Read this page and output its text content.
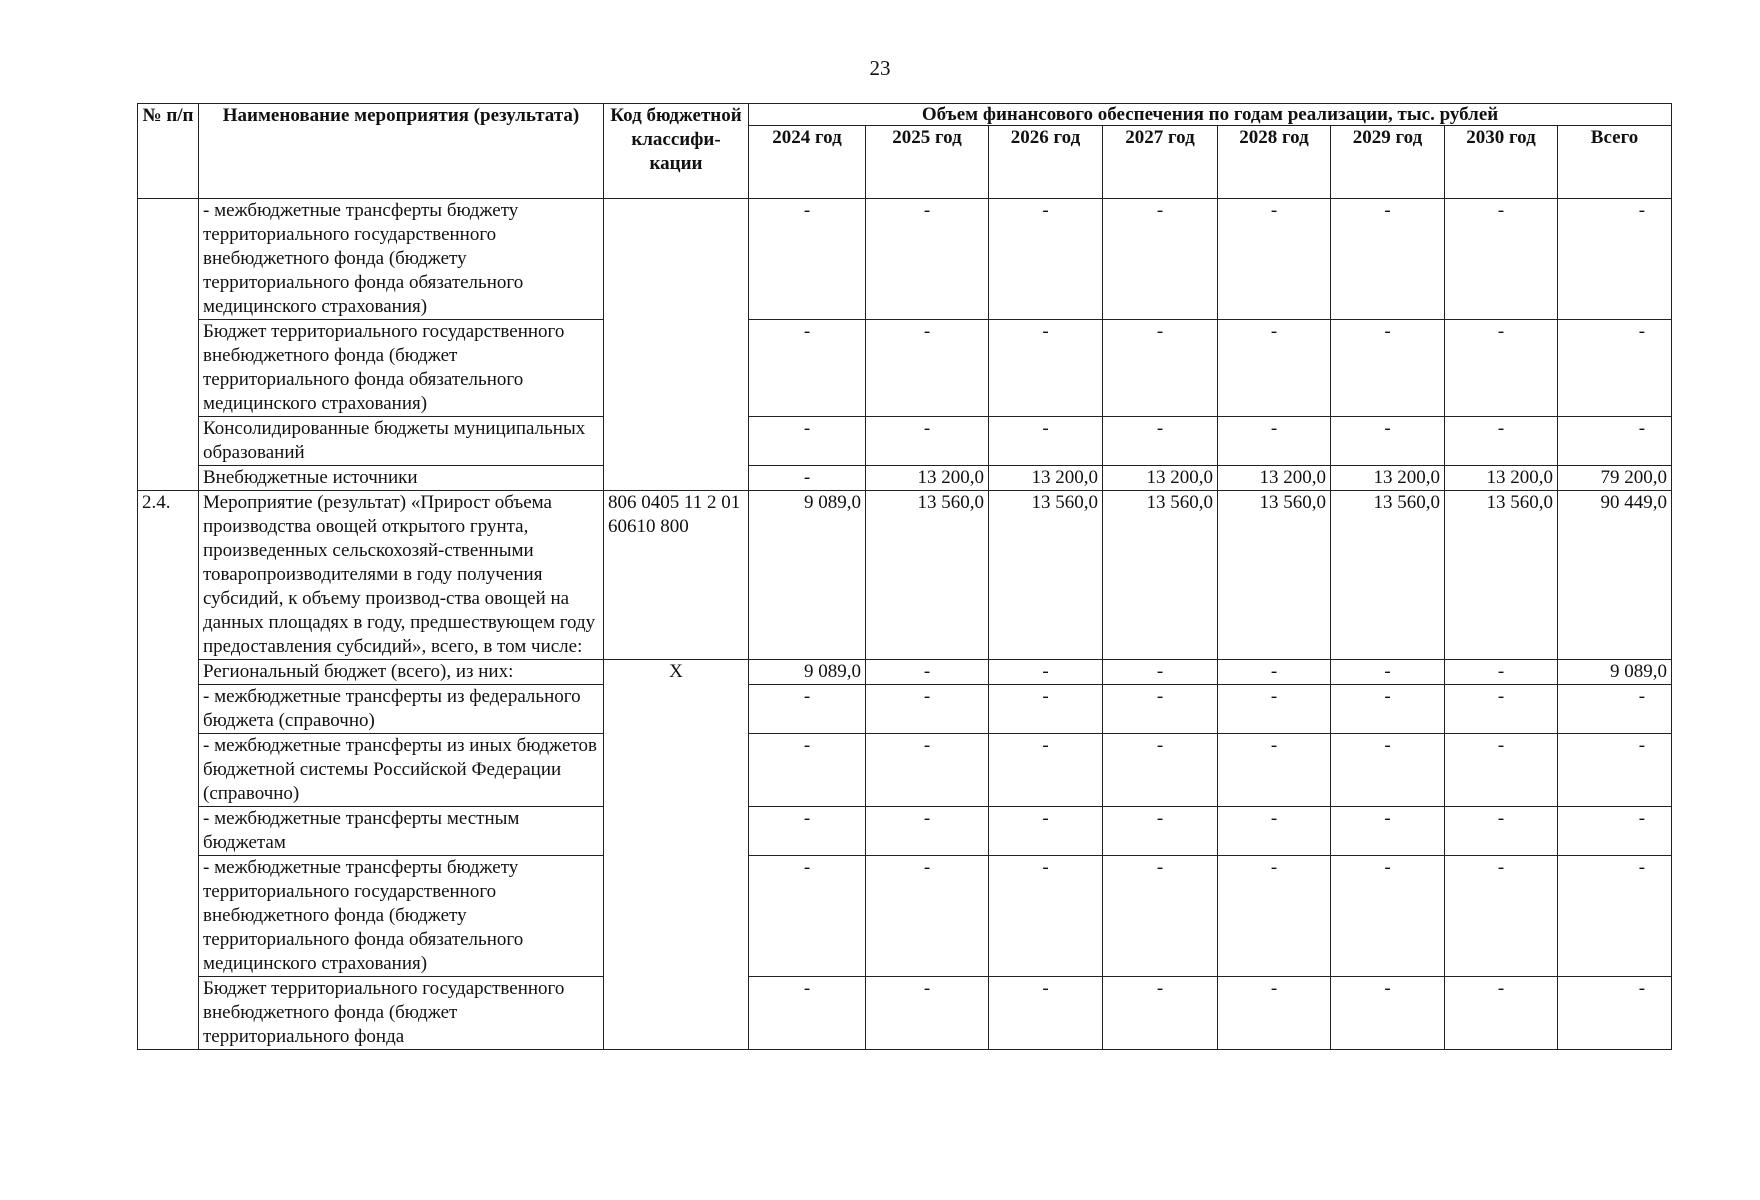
23
№ п/п	Наименование мероприятия (результата)	Код бюджетной классифи-кации	Объем финансового обеспечения по годам реализации, тыс. рублей							
			2024 год	2025 год	2026 год	2027 год	2028 год	2029 год	2030 год	Всего
	- межбюджетные трансферты бюджету территориального государственного внебюджетного фонда (бюджету территориального фонда обязательного медицинского страхования)		-	-	-	-	-	-	-	-
	Бюджет территориального государственного внебюджетного фонда (бюджет территориального фонда обязательного медицинского страхования)		-	-	-	-	-	-	-	-
	Консолидированные бюджеты муниципальных образований		-	-	-	-	-	-	-	-
	Внебюджетные источники		-	13 200,0	13 200,0	13 200,0	13 200,0	13 200,0	13 200,0	79 200,0
2.4.	Мероприятие (результат) «Прирост объема производства овощей открытого грунта, произведенных сельскохозяй-ственными товаропроизводителями в году получения субсидий, к объему производ-ства овощей на данных площадях в году, предшествующем году предоставления субсидий», всего, в том числе:	806 0405 11 2 01 60610 800	9 089,0	13 560,0	13 560,0	13 560,0	13 560,0	13 560,0	13 560,0	90 449,0
	Региональный бюджет (всего), из них:	X	9 089,0	-	-	-	-	-	-	9 089,0
	- межбюджетные трансферты из федерального бюджета (справочно)		-	-	-	-	-	-	-	-
	- межбюджетные трансферты из иных бюджетов бюджетной системы Российской Федерации (справочно)		-	-	-	-	-	-	-	-
	- межбюджетные трансферты местным бюджетам		-	-	-	-	-	-	-	-
	- межбюджетные трансферты бюджету территориального государственного внебюджетного фонда (бюджету территориального фонда обязательного медицинского страхования)		-	-	-	-	-	-	-	-
	Бюджет территориального государственного внебюджетного фонда (бюджет территориального фонда		-	-	-	-	-	-	-	-
